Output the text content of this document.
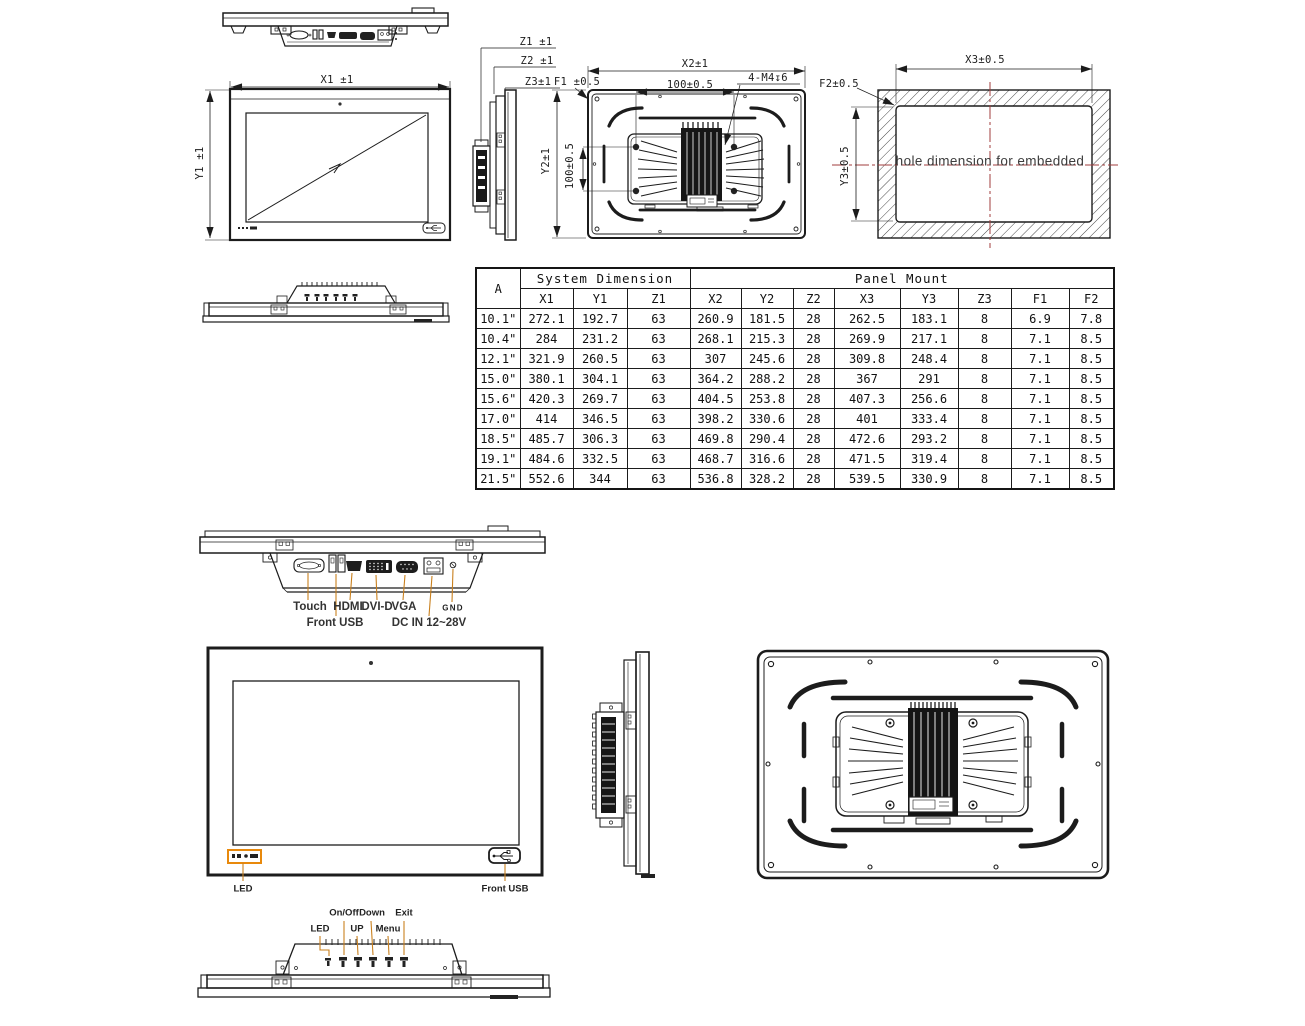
X1 ±1
Y1 ±1
Z1 ±1
Z2 ±1
Z3±1 F1 ±0.5
X2±1
100±0.5
4-M4↧6
Y2±1 100±0.5
X3±0.5
F2±0.5
Y3±0.5	hole dimension for embedded
Touch HDMI
DVI-D
VGA	GND
Front USB DC IN 12~28V
LED	Front USB
On/Off Down Exit
LED UP Menu
A	System Dimension			Panel Mount							
	X1	Y1	Z1	X2	Y2	Z2	X3	Y3	Z3	F1	F2
10.1"	272.1	192.7	63	260.9	181.5	28	262.5	183.1	8	6.9	7.8
10.4"	284	231.2	63	268.1	215.3	28	269.9	217.1	8	7.1	8.5
12.1"	321.9	260.5	63	307	245.6	28	309.8	248.4	8	7.1	8.5
15.0"	380.1	304.1	63	364.2	288.2	28	367	291	8	7.1	8.5
15.6"	420.3	269.7	63	404.5	253.8	28	407.3	256.6	8	7.1	8.5
17.0"	414	346.5	63	398.2	330.6	28	401	333.4	8	7.1	8.5
18.5"	485.7	306.3	63	469.8	290.4	28	472.6	293.2	8	7.1	8.5
19.1"	484.6	332.5	63	468.7	316.6	28	471.5	319.4	8	7.1	8.5
21.5"	552.6	344	63	536.8	328.2	28	539.5	330.9	8	7.1	8.5
